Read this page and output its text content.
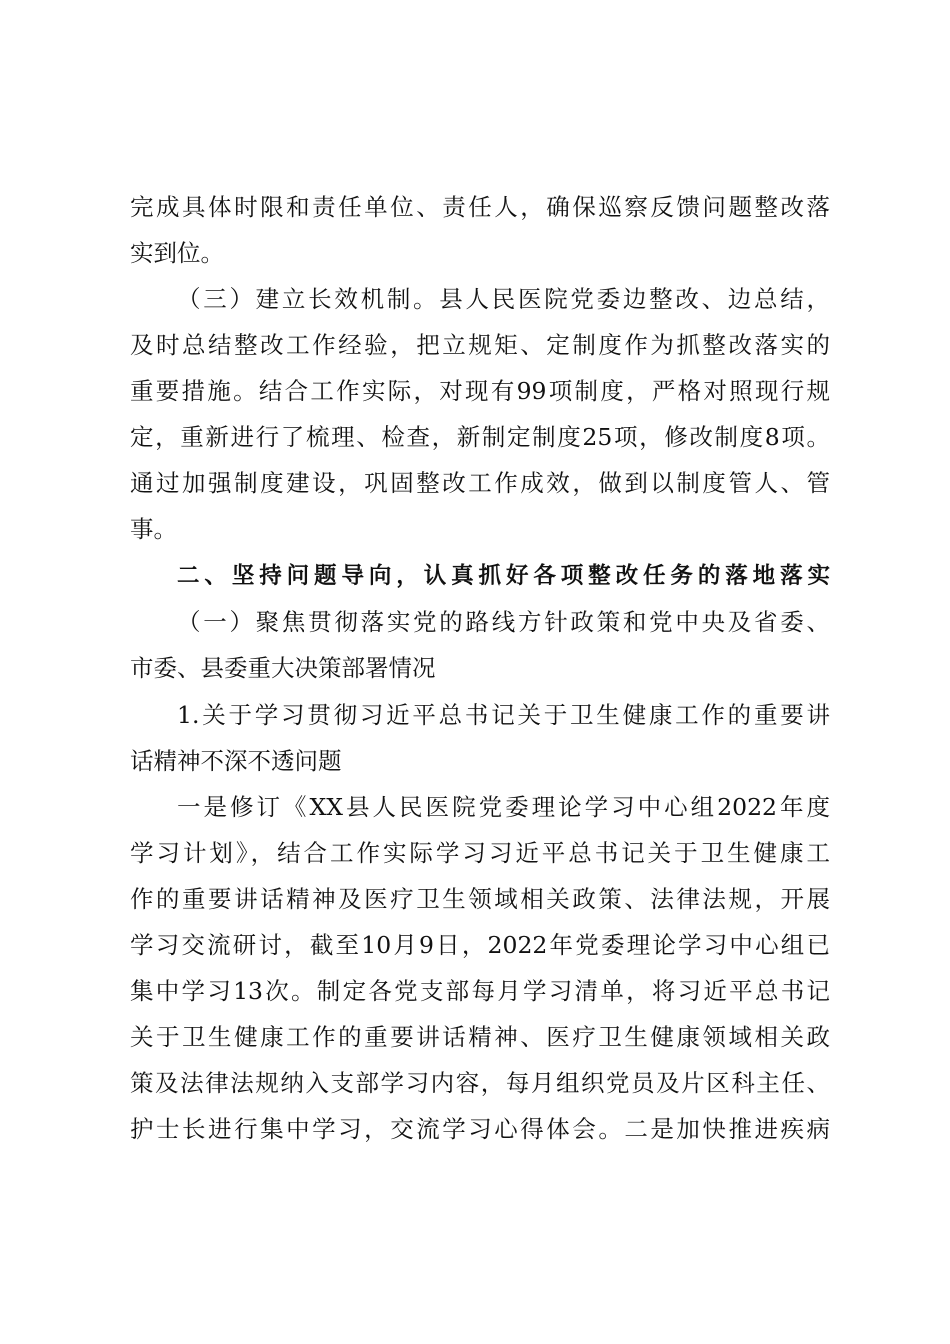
完成具体时限和责任单位、责任人，确保巡察反馈问题整改落
实到位。
（三）建立长效机制。县人民医院党委边整改、边总结，
及时总结整改工作经验，把立规矩、定制度作为抓整改落实的
重要措施。结合工作实际，对现有99项制度，严格对照现行规
定，重新进行了梳理、检查，新制定制度25项，修改制度8项。
通过加强制度建设，巩固整改工作成效，做到以制度管人、管
事。
二、坚持问题导向，认真抓好各项整改任务的落地落实
（一）聚焦贯彻落实党的路线方针政策和党中央及省委、
市委、县委重大决策部署情况
1.关于学习贯彻习近平总书记关于卫生健康工作的重要讲
话精神不深不透问题
一是修订《XX县人民医院党委理论学习中心组2022年度
学习计划》，结合工作实际学习习近平总书记关于卫生健康工
作的重要讲话精神及医疗卫生领域相关政策、法律法规，开展
学习交流研讨，截至10月9日，2022年党委理论学习中心组已
集中学习13次。制定各党支部每月学习清单，将习近平总书记
关于卫生健康工作的重要讲话精神、医疗卫生健康领域相关政
策及法律法规纳入支部学习内容，每月组织党员及片区科主任、
护士长进行集中学习，交流学习心得体会。二是加快推进疾病
